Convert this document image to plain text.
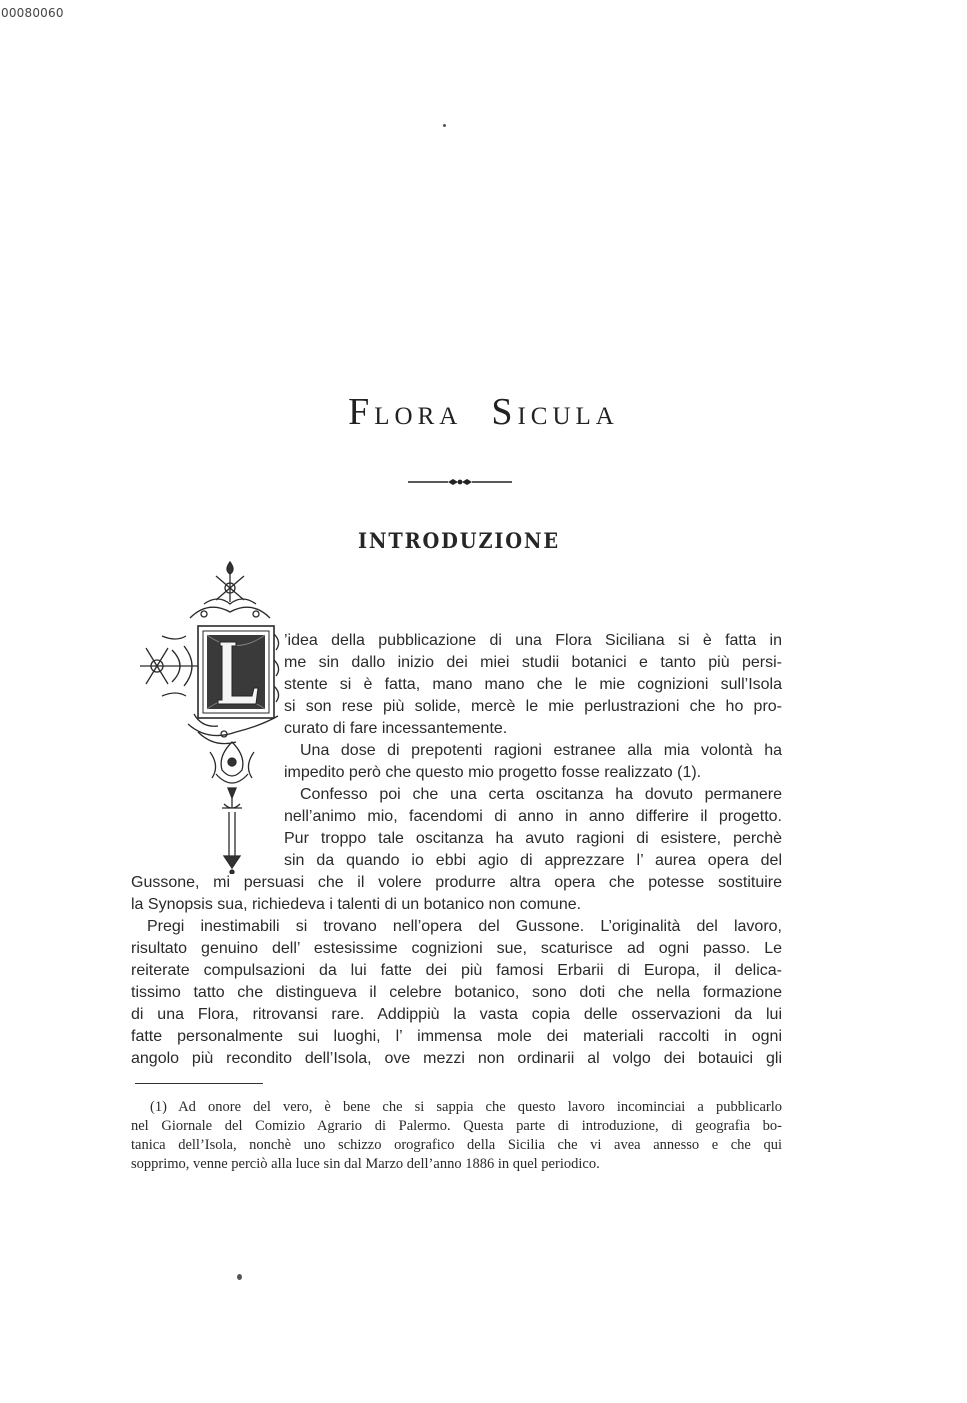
00080060
FLORA SICULA
INTRODUZIONE

’idea della pubblicazione di una Flora Siciliana si è fatta in

me sin dallo inizio dei miei studii botanici e tanto più persi-

stente si è fatta, mano mano che le mie cognizioni sull’Isola

si son rese più solide, mercè le mie perlustrazioni che ho pro-

curato di fare incessantemente.

Una dose di prepotenti ragioni estranee alla mia volontà ha

impedito però che questo mio progetto fosse realizzato (1).

Confesso poi che una certa oscitanza ha dovuto permanere

nell’animo mio, facendomi di anno in anno differire il progetto.

Pur troppo tale oscitanza ha avuto ragioni di esistere, perchè

sin da quando io ebbi agio di apprezzare l’ aurea opera del

Gussone, mi persuasi che il volere produrre altra opera che potesse sostituire

la Synopsis sua, richiedeva i talenti di un botanico non comune.

Pregi inestimabili si trovano nell’opera del Gussone. L’originalità del lavoro,

risultato genuino dell’ estesissime cognizioni sue, scaturisce ad ogni passo. Le

reiterate compulsazioni da lui fatte dei più famosi Erbarii di Europa, il delica-

tissimo tatto che distingueva il celebre botanico, sono doti che nella formazione

di una Flora, ritrovansi rare. Addippiù la vasta copia delle osservazioni da lui

fatte personalmente sui luoghi, l’ immensa mole dei materiali raccolti in ogni

angolo più recondito dell’Isola, ove mezzi non ordinarii al volgo dei botauici gli

(1) Ad onore del vero, è bene che si sappia che questo lavoro incominciai a pubblicarlo

nel Giornale del Comizio Agrario di Palermo. Questa parte di introduzione, di geografia bo-

tanica dell’Isola, nonchè uno schizzo orografico della Sicilia che vi avea annesso e che qui

sopprimo, venne perciò alla luce sin dal Marzo dell’anno 1886 in quel periodico.
